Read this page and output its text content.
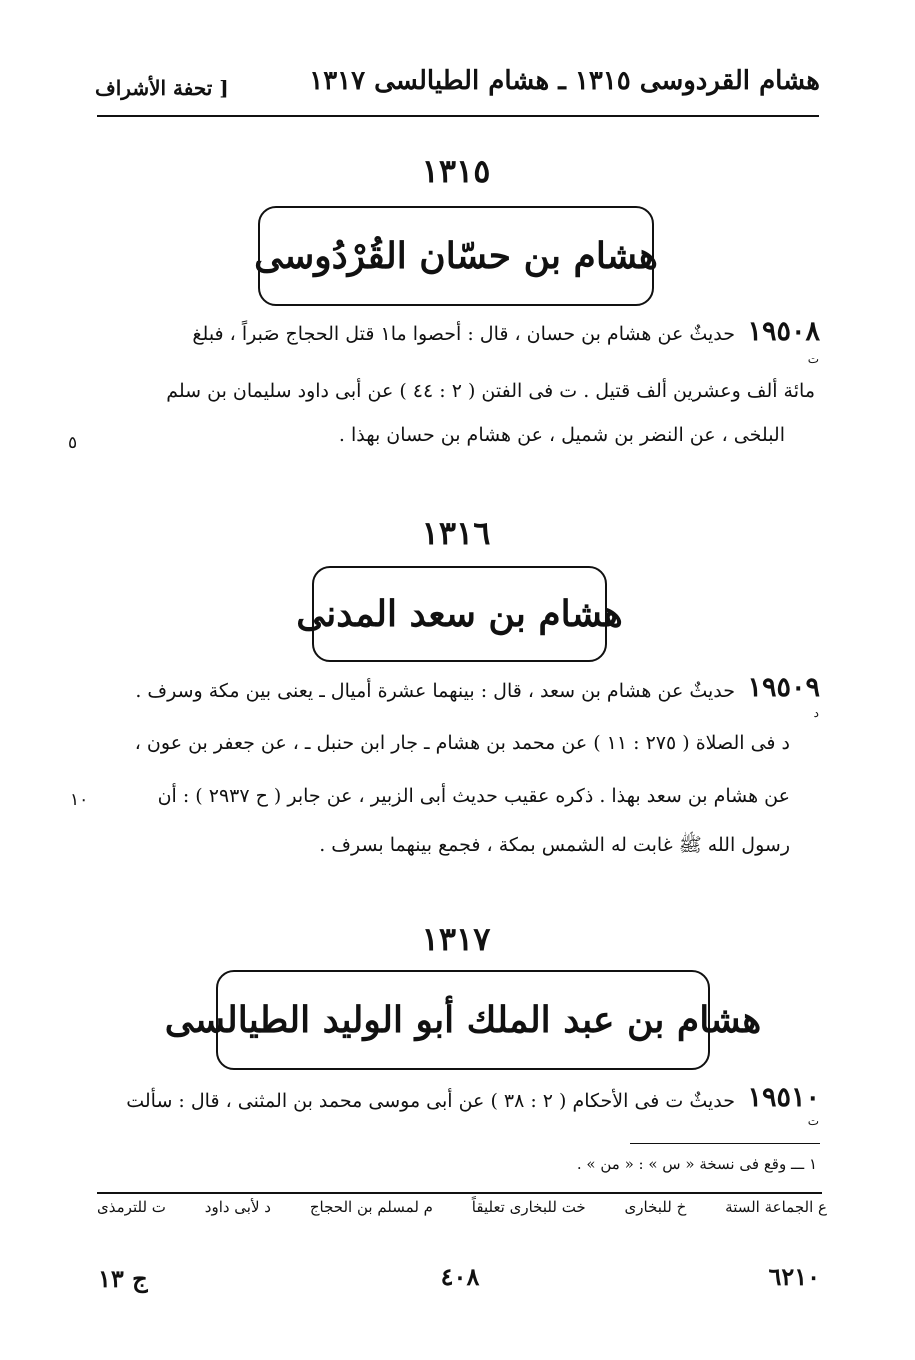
هشام القردوسى ١٣١٥ ـ هشام الطيالسى ١٣١٧
[ تحفة الأشراف
١٣١٥
هشام بن حسّان القُرْدُوسى
١٩٥٠٨
ت
حديثٌ عن هشام بن حسان ، قال : أحصوا ما١ قتل الحجاج صَبراً ، فبلغ
مائة ألف وعشرين ألف قتيل . ت فى الفتن ( ٢ : ٤٤ ) عن أبى داود سليمان بن سلم
البلخى ، عن النضر بن شميل ، عن هشام بن حسان بهذا .
٥
١٣١٦
هشام بن سعد المدنى
١٩٥٠٩
د
حديثٌ عن هشام بن سعد ، قال : بينهما عشرة أميال ـ يعنى بين مكة وسرف .
د فى الصلاة ( ٢٧٥ : ١١ ) عن محمد بن هشام ـ جار ابن حنبل ـ ، عن جعفر بن عون ،
عن هشام بن سعد بهذا . ذكره عقيب حديث أبى الزبير ، عن جابر ( ح ٢٩٣٧ ) : أن
١٠
رسول الله ﷺ غابت له الشمس بمكة ، فجمع بينهما بسرف .
١٣١٧
هشام بن عبد الملك أبو الوليد الطيالسى
١٩٥١٠
ت
حديثٌ ت فى الأحكام ( ٢ : ٣٨ ) عن أبى موسى محمد بن المثنى ، قال : سألت
١ ـــ وقع فى نسخة « س » : « من » .
ع الجماعة الستة
خ للبخارى
خت للبخارى تعليقاً
م لمسلم بن الحجاج
د لأبى داود
ت للترمذى
٦٢١٠
٤٠٨
ج ١٣
